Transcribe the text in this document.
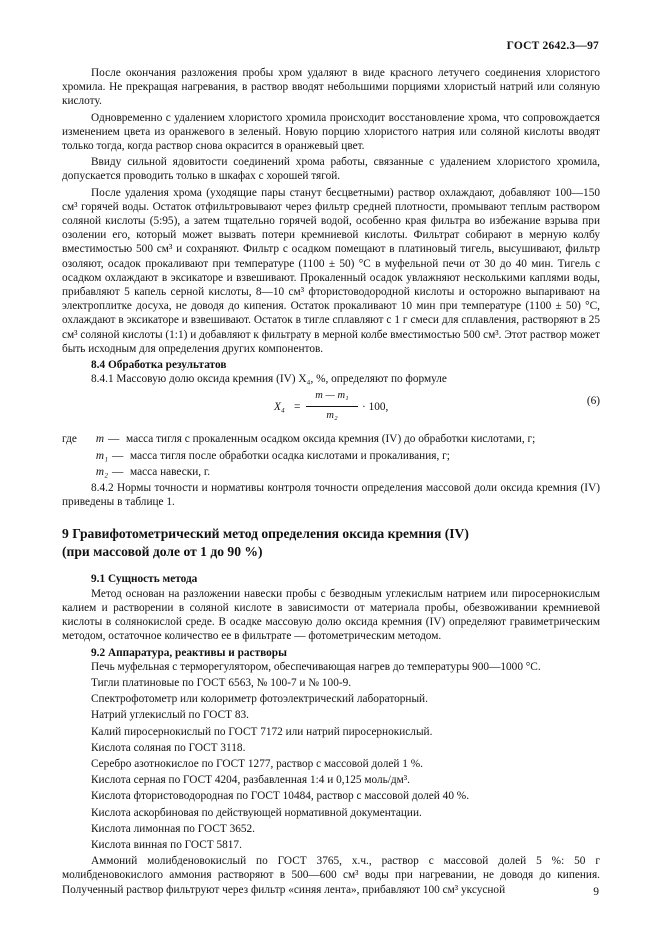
ГОСТ 2642.3—97

После окончания разложения пробы хром удаляют в виде красного летучего соединения хлористого хромила. Не прекращая нагревания, в раствор вводят небольшими порциями хлористый натрий или соляную кислоту.

Одновременно с удалением хлористого хромила происходит восстановление хрома, что сопровождается изменением цвета из оранжевого в зеленый. Новую порцию хлористого натрия или соляной кислоты вводят только тогда, когда раствор снова окрасится в оранжевый цвет.

Ввиду сильной ядовитости соединений хрома работы, связанные с удалением хлористого хромила, допускается проводить только в шкафах с хорошей тягой.

После удаления хрома (уходящие пары станут бесцветными) раствор охлаждают, добавляют 100—150 см³ горячей воды. Остаток отфильтровывают через фильтр средней плотности, промывают теплым раствором соляной кислоты (5:95), а затем тщательно горячей водой, особенно края фильтра во избежание взрыва при озолении его, который может вызвать потери кремниевой кислоты. Фильтрат собирают в мерную колбу вместимостью 500 см³ и сохраняют. Фильтр с осадком помещают в платиновый тигель, высушивают, фильтр озоляют, осадок прокаливают при температуре (1100 ± 50) °С в муфельной печи от 30 до 40 мин. Тигель с осадком охлаждают в эксикаторе и взвешивают. Прокаленный осадок увлажняют несколькими каплями воды, прибавляют 5 капель серной кислоты, 8—10 см³ фтористоводородной кислоты и осторожно выпаривают на электроплитке досуха, не доводя до кипения. Остаток прокаливают 10 мин при температуре (1100 ± 50) °С, охлаждают в эксикаторе и взвешивают. Остаток в тигле сплавляют с 1 г смеси для сплавления, растворяют в 25 см³ соляной кислоты (1:1) и добавляют к фильтрату в мерной колбе вместимостью 500 см³. Этот раствор может быть исходным для определения других компонентов.

8.4 Обработка результатов

8.4.1 Массовую долю оксида кремния (IV) X₄, %, определяют по формуле

X₄ =
m — m₁
m₂
· 100,	(6)
где	m — масса тигля с прокаленным осадком оксида кремния (IV) до обработки кислотами, г;
m₁ — масса тигля после обработки осадка кислотами и прокаливания, г;
m₂ — масса навески, г.

8.4.2 Нормы точности и нормативы контроля точности определения массовой доли оксида кремния (IV) приведены в таблице 1.

9 Гравифотометрический метод определения оксида кремния (IV)
(при массовой доле от 1 до 90 %)
9.1 Сущность метода

Метод основан на разложении навески пробы с безводным углекислым натрием или пиросернокислым калием и растворении в соляной кислоте в зависимости от материала пробы, обезвоживании кремниевой кислоты в солянокислой среде. В осадке массовую долю оксида кремния (IV) определяют гравиметрическим методом, остаточное количество ее в фильтрате — фотометрическим методом.

9.2 Аппаратура, реактивы и растворы

Печь муфельная с терморегулятором, обеспечивающая нагрев до температуры 900—1000 °С.

Тигли платиновые по ГОСТ 6563, № 100-7 и № 100-9.

Спектрофотометр или колориметр фотоэлектрический лабораторный.

Натрий углекислый по ГОСТ 83.

Калий пиросернокислый по ГОСТ 7172 или натрий пиросернокислый.

Кислота соляная по ГОСТ 3118.

Серебро азотнокислое по ГОСТ 1277, раствор с массовой долей 1 %.

Кислота серная по ГОСТ 4204, разбавленная 1:4 и 0,125 моль/дм³.

Кислота фтористоводородная по ГОСТ 10484, раствор с массовой долей 40 %.

Кислота аскорбиновая по действующей нормативной документации.

Кислота лимонная по ГОСТ 3652.

Кислота винная по ГОСТ 5817.

Аммоний молибденовокислый по ГОСТ 3765, х.ч., раствор с массовой долей 5 %: 50 г молибденовокислого аммония растворяют в 500—600 см³ воды при нагревании, не доводя до кипения. Полученный раствор фильтруют через фильтр «синяя лента», прибавляют 100 см³ уксусной	9
